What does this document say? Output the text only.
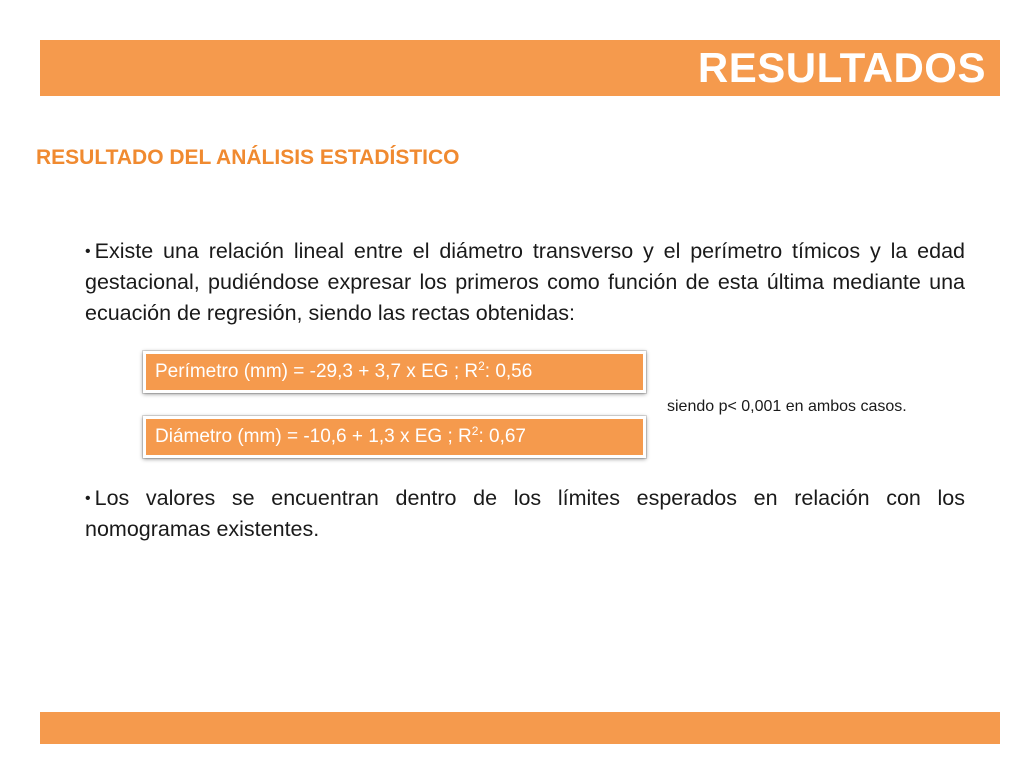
RESULTADOS
RESULTADO DEL ANÁLISIS ESTADÍSTICO
• Existe una relación lineal entre el diámetro transverso y el perímetro tímicos y la edad gestacional, pudiéndose expresar los primeros como función de esta última mediante una ecuación de regresión, siendo las rectas obtenidas:
Perímetro (mm) = -29,3 + 3,7 x EG ; $R^2$: 0,56
siendo p< 0,001 en ambos casos.
Diámetro (mm) = -10,6 + 1,3 x EG ; $R^2$: 0,67
• Los valores se encuentran dentro de los límites esperados en relación con los nomogramas existentes.
